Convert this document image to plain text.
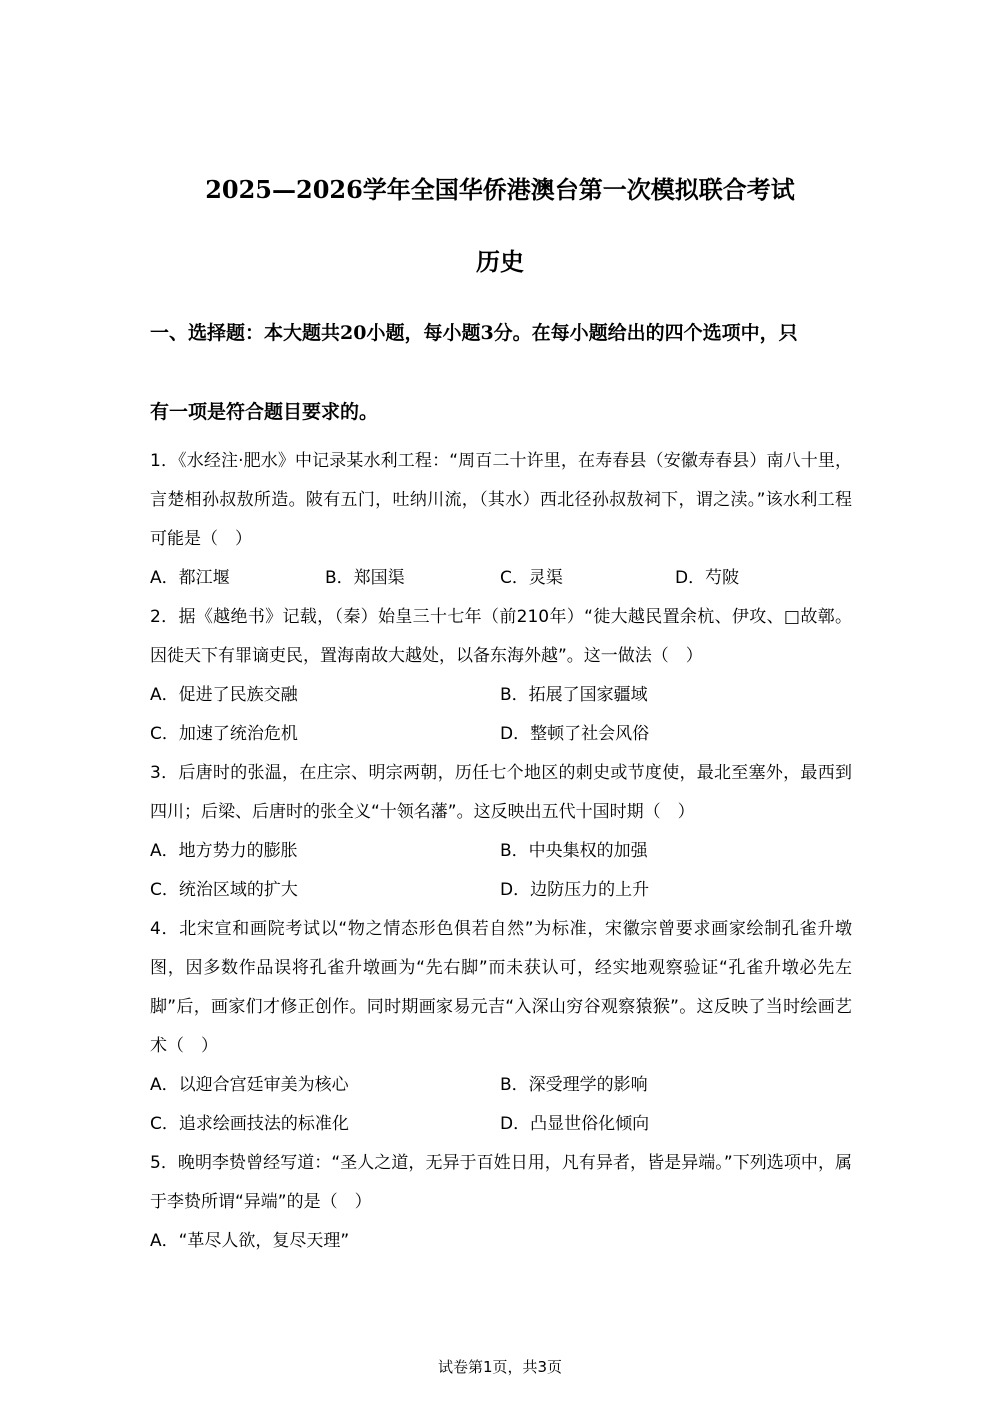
2025—2026学年全国华侨港澳台第一次模拟联合考试
历史
一、选择题：本大题共20小题，每小题3分。在每小题给出的四个选项中，只
有一项是符合题目要求的。
1．《水经注·肥水》中记录某水利工程：“周百二十许里，在寿春县（安徽寿春县）南八十里，言楚相孙叔敖所造。陂有五门，吐纳川流，（其水）西北径孙叔敖祠下，谓之渎。”该水利工程可能是（　）
A．都江堰	B．郑国渠	C．灵渠	D．芍陂
2．据《越绝书》记载，（秦）始皇三十七年（前210年）“徙大越民置余杭、伊攻、□故鄣。因徙天下有罪谪吏民，置海南故大越处，以备东海外越”。这一做法（　）
A．促进了民族交融	B．拓展了国家疆域
C．加速了统治危机	D．整顿了社会风俗
3．后唐时的张温，在庄宗、明宗两朝，历任七个地区的刺史或节度使，最北至塞外，最西到四川；后梁、后唐时的张全义“十领名藩”。这反映出五代十国时期（　）
A．地方势力的膨胀	B．中央集权的加强
C．统治区域的扩大	D．边防压力的上升
4．北宋宣和画院考试以“物之情态形色俱若自然”为标准，宋徽宗曾要求画家绘制孔雀升墩图，因多数作品误将孔雀升墩画为“先右脚”而未获认可，经实地观察验证“孔雀升墩必先左脚”后，画家们才修正创作。同时期画家易元吉“入深山穷谷观察猿猴”。这反映了当时绘画艺术（　）
A．以迎合宫廷审美为核心	B．深受理学的影响
C．追求绘画技法的标准化	D．凸显世俗化倾向
5．晚明李贽曾经写道：“圣人之道，无异于百姓日用，凡有异者，皆是异端。”下列选项中，属于李贽所谓“异端”的是（　）
A．“革尽人欲，复尽天理”
试卷第1页，共3页
